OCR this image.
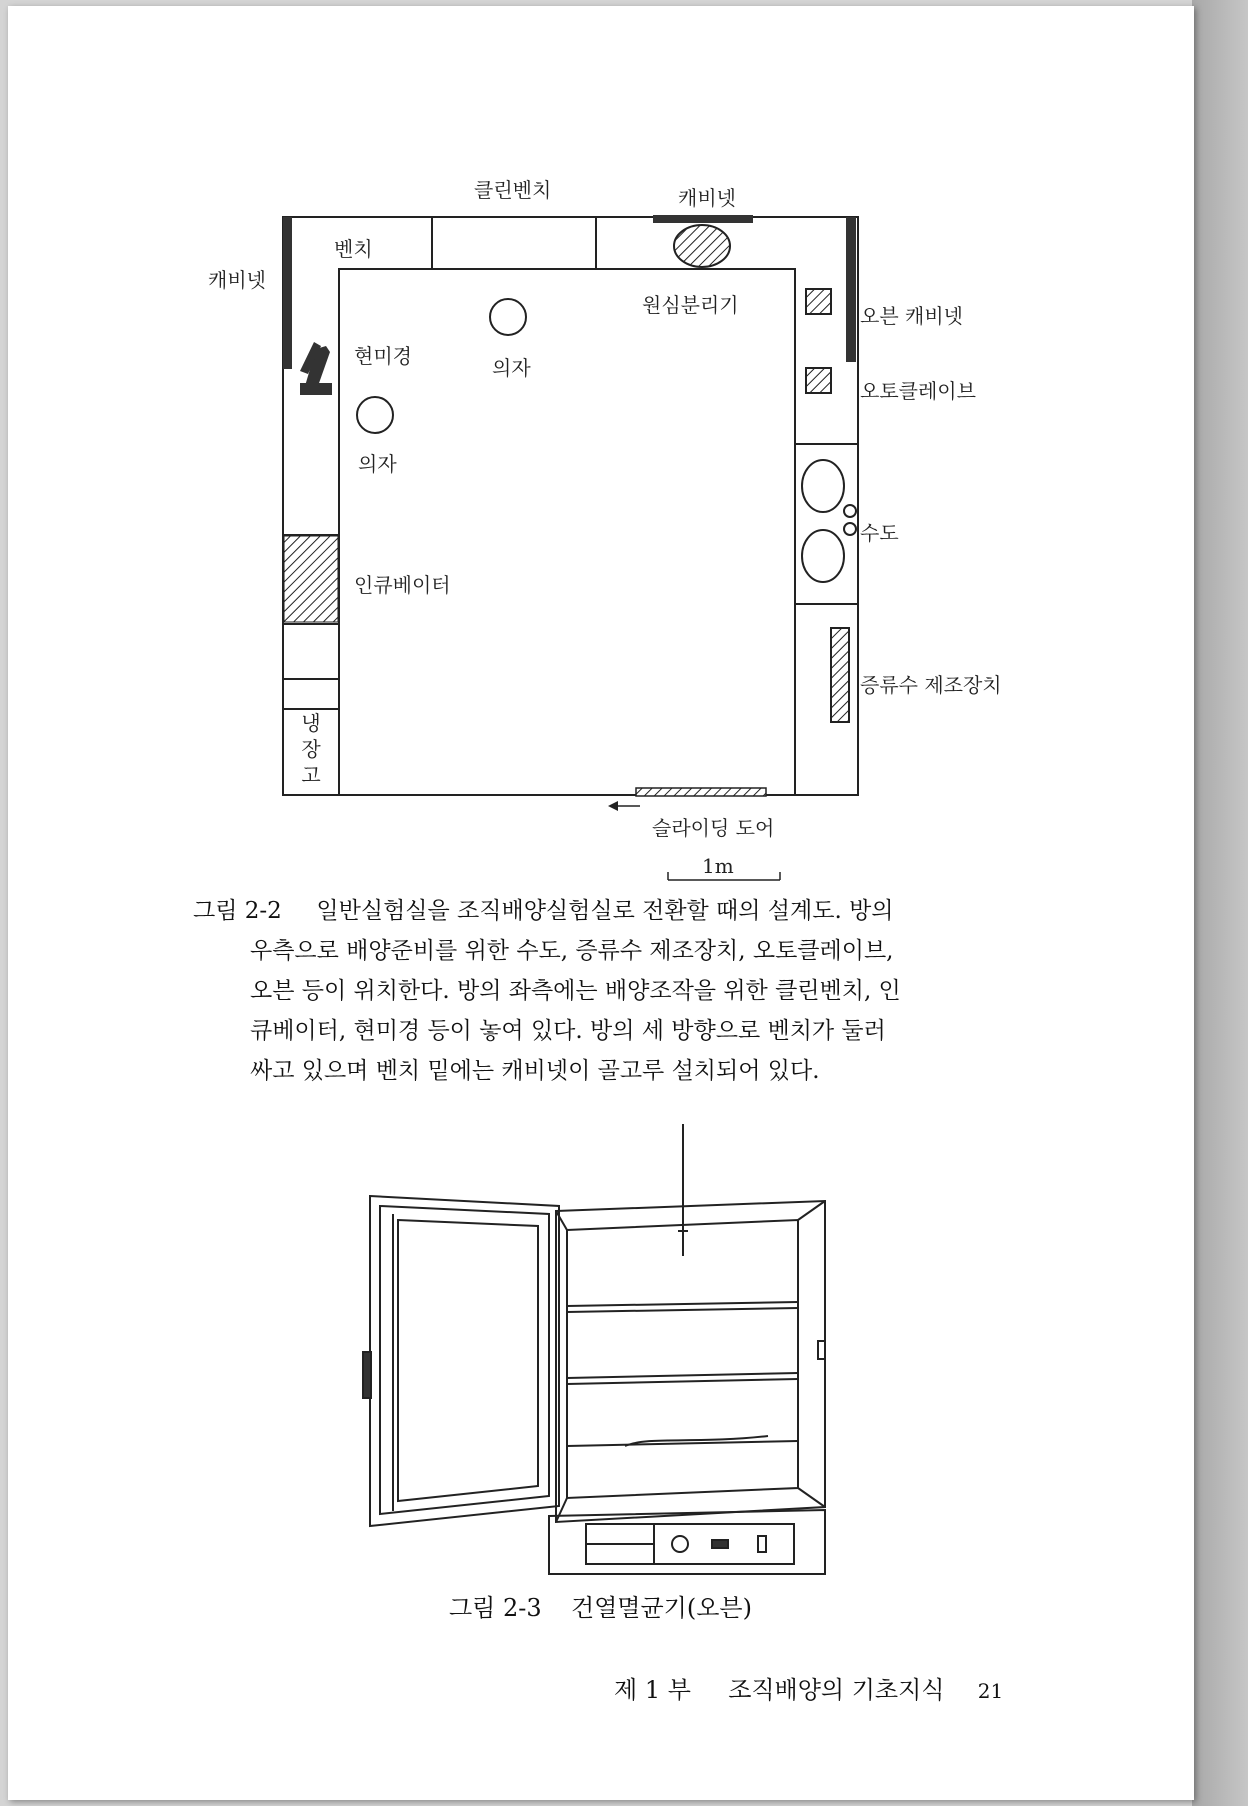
클린벤치	캐비넷
벤치
캐비넷
원심분리기	오븐 캐비넷
현미경	의자
오토클레이브
의자
수도
인큐베이터
증류수 제조장치
냉
장
고
슬라이딩 도어
1m
그림 2-2 일반실험실을 조직배양실험실로 전환할 때의 설계도. 방의
우측으로 배양준비를 위한 수도, 증류수 제조장치, 오토클레이브,
오븐 등이 위치한다. 방의 좌측에는 배양조작을 위한 클린벤치, 인
큐베이터, 현미경 등이 놓여 있다. 방의 세 방향으로 벤치가 둘러
싸고 있으며 벤치 밑에는 캐비넷이 골고루 설치되어 있다.
그림 2-3 건열멸균기(오븐)
제 1 부 조직배양의 기초지식 21
